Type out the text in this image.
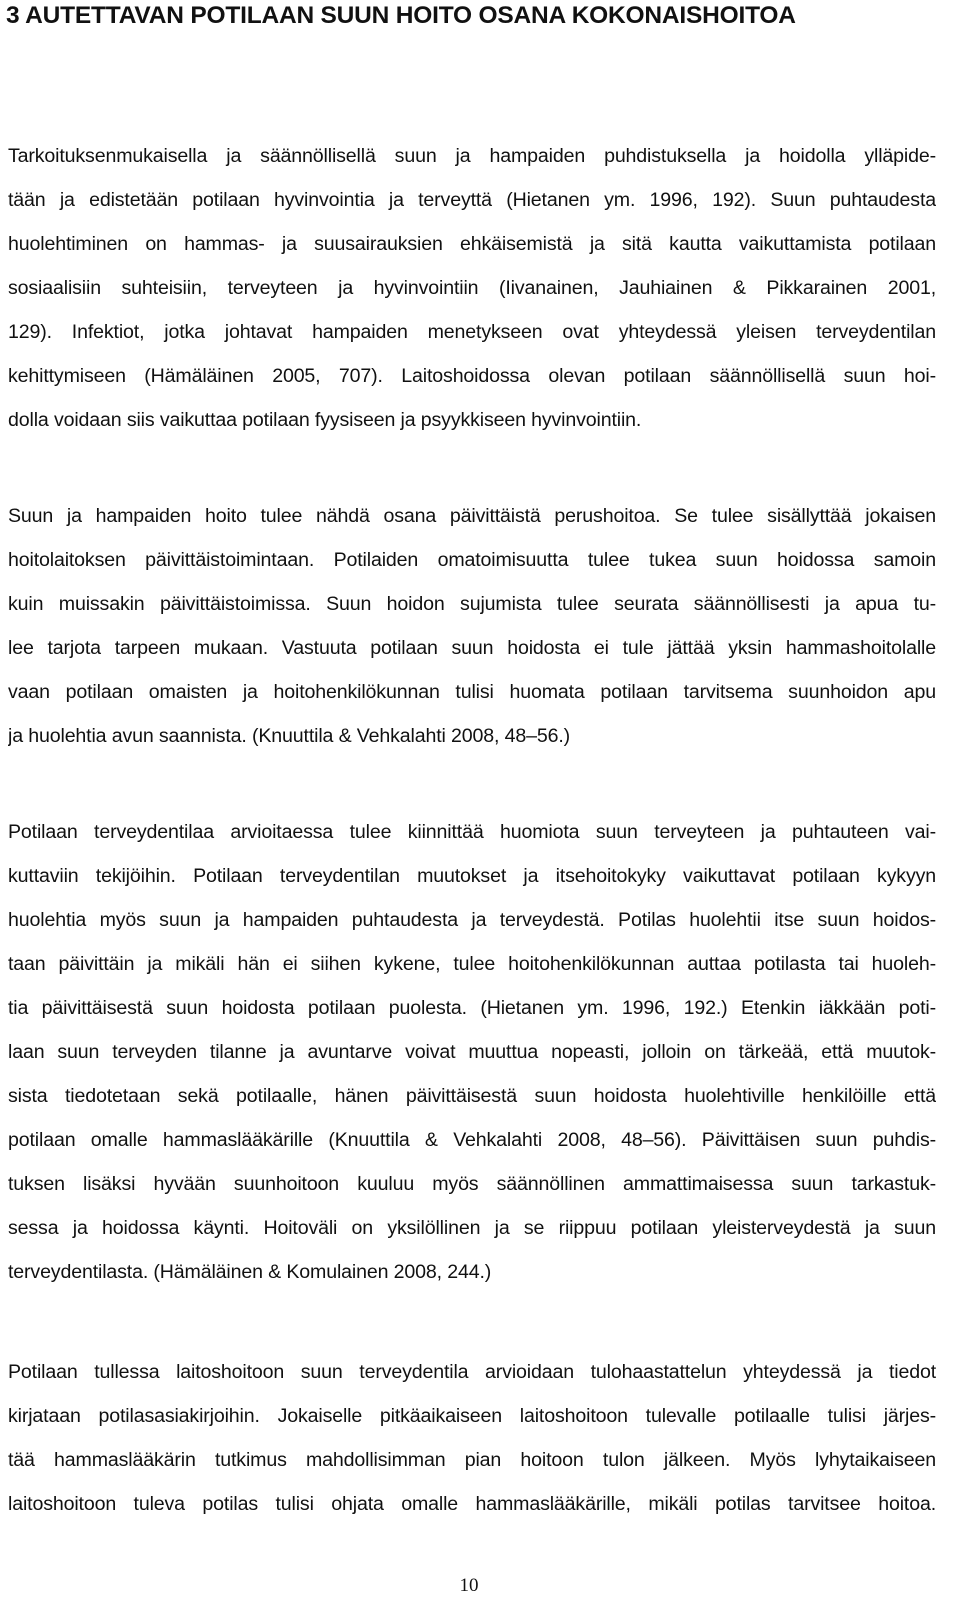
3 AUTETTAVAN POTILAAN SUUN HOITO OSANA KOKONAISHOITOA
Tarkoituksenmukaisella ja säännöllisellä suun ja hampaiden puhdistuksella ja hoidolla ylläpide-
tään ja edistetään potilaan hyvinvointia ja terveyttä (Hietanen ym. 1996, 192). Suun puhtaudesta
huolehtiminen on hammas- ja suusairauksien ehkäisemistä ja sitä kautta vaikuttamista potilaan
sosiaalisiin suhteisiin, terveyteen ja hyvinvointiin (Iivanainen, Jauhiainen & Pikkarainen 2001,
129). Infektiot, jotka johtavat hampaiden menetykseen ovat yhteydessä yleisen terveydentilan
kehittymiseen (Hämäläinen 2005, 707). Laitoshoidossa olevan potilaan säännöllisellä suun hoi-
dolla voidaan siis vaikuttaa potilaan fyysiseen ja psyykkiseen hyvinvointiin.
Suun ja hampaiden hoito tulee nähdä osana päivittäistä perushoitoa. Se tulee sisällyttää jokaisen
hoitolaitoksen päivittäistoimintaan. Potilaiden omatoimisuutta tulee tukea suun hoidossa samoin
kuin muissakin päivittäistoimissa. Suun hoidon sujumista tulee seurata säännöllisesti ja apua tu-
lee tarjota tarpeen mukaan. Vastuuta potilaan suun hoidosta ei tule jättää yksin hammashoitolalle
vaan potilaan omaisten ja hoitohenkilökunnan tulisi huomata potilaan tarvitsema suunhoidon apu
ja huolehtia avun saannista. (Knuuttila & Vehkalahti 2008, 48–56.)
Potilaan terveydentilaa arvioitaessa tulee kiinnittää huomiota suun terveyteen ja puhtauteen vai-
kuttaviin tekijöihin. Potilaan terveydentilan muutokset ja itsehoitokyky vaikuttavat potilaan kykyyn
huolehtia myös suun ja hampaiden puhtaudesta ja terveydestä. Potilas huolehtii itse suun hoidos-
taan päivittäin ja mikäli hän ei siihen kykene, tulee hoitohenkilökunnan auttaa potilasta tai huoleh-
tia päivittäisestä suun hoidosta potilaan puolesta. (Hietanen ym. 1996, 192.) Etenkin iäkkään poti-
laan suun terveyden tilanne ja avuntarve voivat muuttua nopeasti, jolloin on tärkeää, että muutok-
sista tiedotetaan sekä potilaalle, hänen päivittäisestä suun hoidosta huolehtiville henkilöille että
potilaan omalle hammaslääkärille (Knuuttila & Vehkalahti 2008, 48–56). Päivittäisen suun puhdis-
tuksen lisäksi hyvään suunhoitoon kuuluu myös säännöllinen ammattimaisessa suun tarkastuk-
sessa ja hoidossa käynti. Hoitoväli on yksilöllinen ja se riippuu potilaan yleisterveydestä ja suun
terveydentilasta. (Hämäläinen & Komulainen 2008, 244.)
Potilaan tullessa laitoshoitoon suun terveydentila arvioidaan tulohaastattelun yhteydessä ja tiedot
kirjataan potilasasiakirjoihin. Jokaiselle pitkäaikaiseen laitoshoitoon tulevalle potilaalle tulisi järjes-
tää hammaslääkärin tutkimus mahdollisimman pian hoitoon tulon jälkeen. Myös lyhytaikaiseen
laitoshoitoon tuleva potilas tulisi ohjata omalle hammaslääkärille, mikäli potilas tarvitsee hoitoa.
10
